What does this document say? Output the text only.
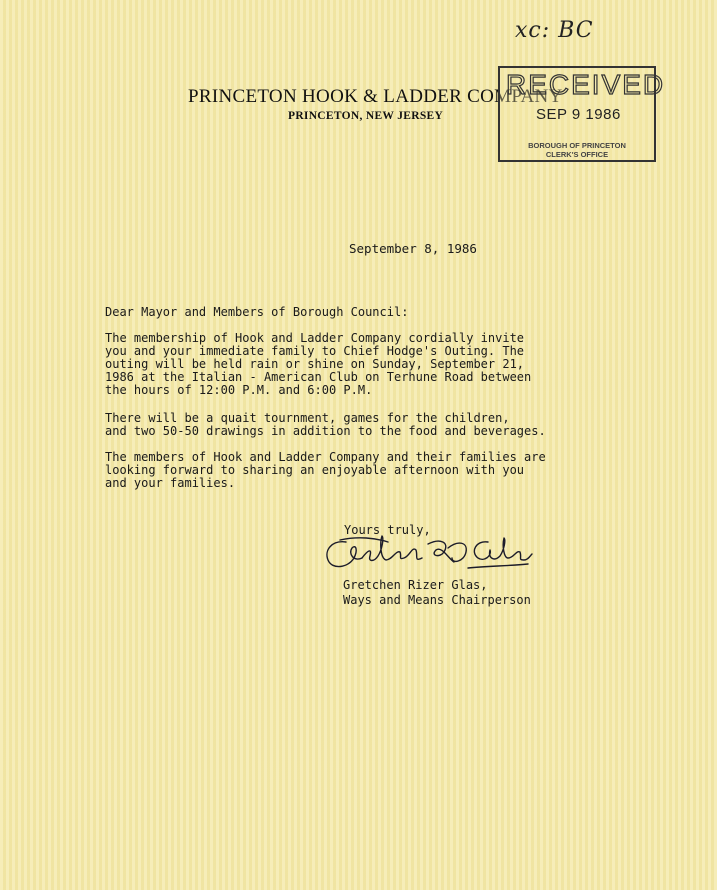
xc: BC
PRINCETON HOOK & LADDER COMPANY
PRINCETON, NEW JERSEY
RECEIVED
SEP 9 1986
BOROUGH OF PRINCETON
CLERK'S OFFICE
September 8, 1986
Dear Mayor and Members of Borough Council:
The membership of Hook and Ladder Company cordially invite
you and your immediate family to Chief Hodge's Outing. The
outing will be held rain or shine on Sunday, September 21,
1986 at the Italian - American Club on Terhune Road between
the hours of 12:00 P.M. and 6:00 P.M.
There will be a quait tournment, games for the children,
and two 50-50 drawings in addition to the food and beverages.
The members of Hook and Ladder Company and their families are
looking forward to sharing an enjoyable afternoon with you
and your families.
Yours truly,
Gretchen Rizer Glas,
Ways and Means Chairperson
